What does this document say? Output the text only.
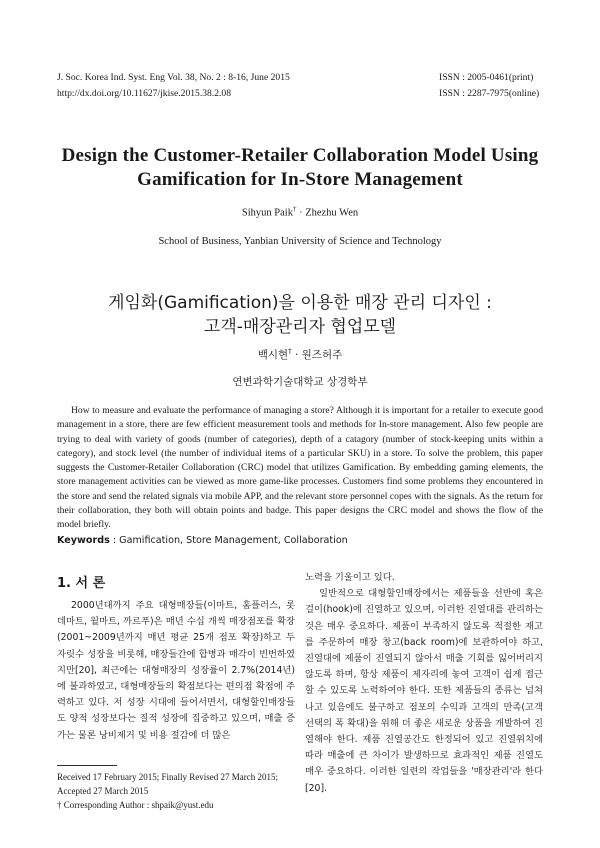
J. Soc. Korea Ind. Syst. Eng Vol. 38, No. 2 : 8-16, June 2015
http://dx.doi.org/10.11627/jkise.2015.38.2.08
ISSN : 2005-0461(print)
ISSN : 2287-7975(online)
Design the Customer-Retailer Collaboration Model Using
Gamification for In-Store Management
Sihyun Paik† · Zhezhu Wen
School of Business, Yanbian University of Science and Technology
게임화(Gamification)을 이용한 매장 관리 디자인 :
고객-매장관리자 협업모델
백시현† · 원즈허주
연변과학기술대학교 상경학부

How to measure and evaluate the performance of managing a store? Although it is important for a retailer to execute good management in a store, there are few efficient measurement tools and methods for In-store management. Also few people are trying to deal with variety of goods (number of categories), depth of a catagory (number of stock-keeping units within a category), and stock level (the number of individual items of a particular SKU) in a store. To solve the problem, this paper suggests the Customer-Retailer Collaboration (CRC) model that utilizes Gamification. By embedding gaming elements, the store management activities can be viewed as more game-like processes. Customers find some problems they encountered in the store and send the related signals via mobile APP, and the relevant store personnel copes with the signals. As the return for their collaboration, they both will obtain points and badge. This paper designs the CRC model and shows the flow of the model briefly.

Keywords : Gamification, Store Management, Collaboration
1. 서 론

2000년대까지 주요 대형매장들(이마트, 홈플러스, 롯데마트, 월마트, 까르푸)은 매년 수십 개씩 매장점포를 확장(2001~2009년까지 매년 평균 25개 점포 확장)하고 두 자릿수 성장을 비롯해, 매장들간에 합병과 매각이 빈번하였지만[20], 최근에는 대형매장의 성장률이 2.7%(2014년)에 불과하였고, 대형매장들의 확점보다는 편의점 확점에 주력하고 있다. 저 성장 시대에 들어서면서, 대형할인매장들도 양적 성장보다는 질적 성장에 집중하고 있으며, 매출 증가는 물론 낭비제거 및 비용 절감에 더 많은

노력을 기울이고 있다.

일반적으로 대형할인매장에서는 제품들을 선반에 혹은 걸이(hook)에 진열하고 있으며, 이러한 진열대를 관리하는 것은 매우 중요하다. 제품이 부족하지 않도록 적절한 재고를 주문하여 매장 창고(back room)에 보관하여야 하고, 진열대에 제품이 진열되지 않아서 매출 기회를 잃어버리지 않도록 하며, 항상 제품이 제자리에 놓여 고객이 쉽게 접근할 수 있도록 노력하여야 한다. 또한 제품들의 종류는 넘쳐나고 있음에도 불구하고 점포의 수익과 고객의 만족(고객 선택의 폭 확대)을 위해 더 좋은 새로운 상품을 개발하여 진열해야 한다. 제품 진열공간도 한정되어 있고 진열위치에 따라 매출에 큰 차이가 발생하므로 효과적인 제품 진열도 매우 중요하다. 이러한 일련의 작업들을 '매장관리'라 한다[20].

Received 17 February 2015; Finally Revised 27 March 2015;
Accepted 27 March 2015
† Corresponding Author : shpaik@yust.edu
